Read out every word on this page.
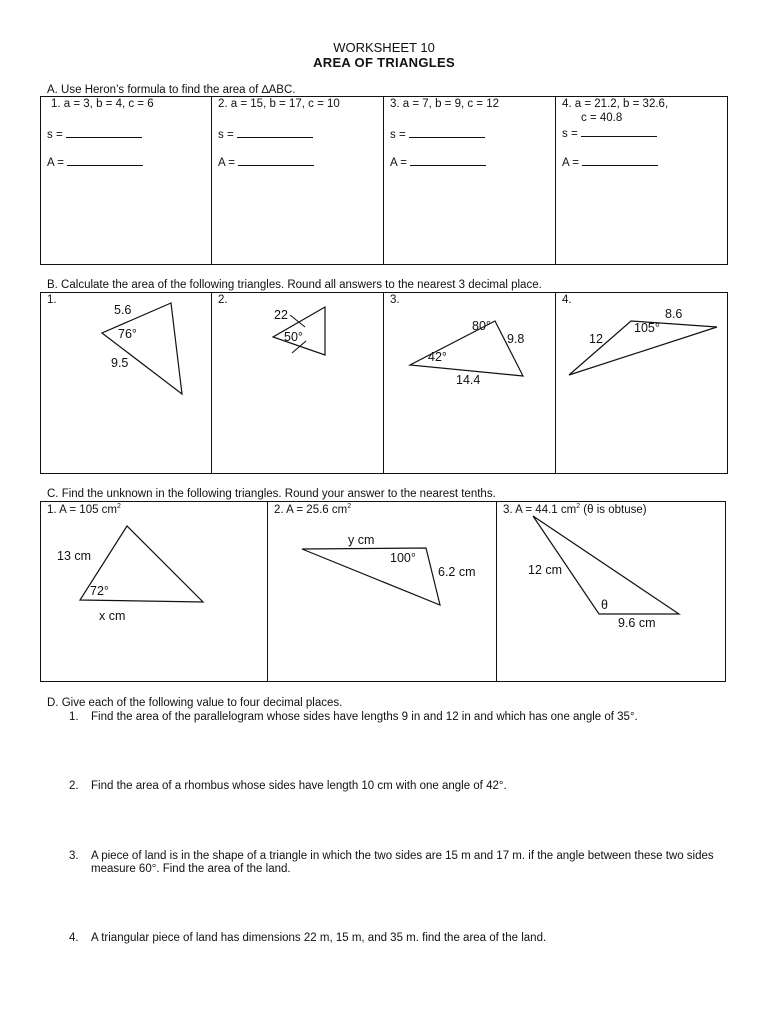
WORKSHEET 10
AREA OF TRIANGLES
A. Use Heron’s formula to find the area of ∆ABC.
1. a = 3, b = 4, c = 6
s =
A =

2. a = 15, b = 17, c = 10
s =
A =

3. a = 7, b = 9, c = 12
s =
A =

4. a = 21.2, b = 32.6,
c = 40.8
s =
A =
B. Calculate the area of the following triangles. Round all answers to the nearest 3 decimal place.
1.
5.6
76°
9.5

2.
22
50°

3.
80°
9.8
42°
14.4

4.
8.6
105°
12
C. Find the unknown in the following triangles. Round your answer to the nearest tenths.
1. A = 105 $cm^2$
13 cm
72°
x cm

2. A = 25.6 $cm^2$
y cm
100°
6.2 cm

3. A = 44.1 $cm^2$ (θ is obtuse)
12 cm
θ
9.6 cm
D. Give each of the following value to four decimal places.
1. Find the area of the parallelogram whose sides have lengths 9 in and 12 in and which has one angle of 35°.
2. Find the area of a rhombus whose sides have length 10 cm with one angle of 42°.
3. A piece of land is in the shape of a triangle in which the two sides are 15 m and 17 m. if the angle between these two sides measure 60°. Find the area of the land.
4. A triangular piece of land has dimensions 22 m, 15 m, and 35 m. find the area of the land.
